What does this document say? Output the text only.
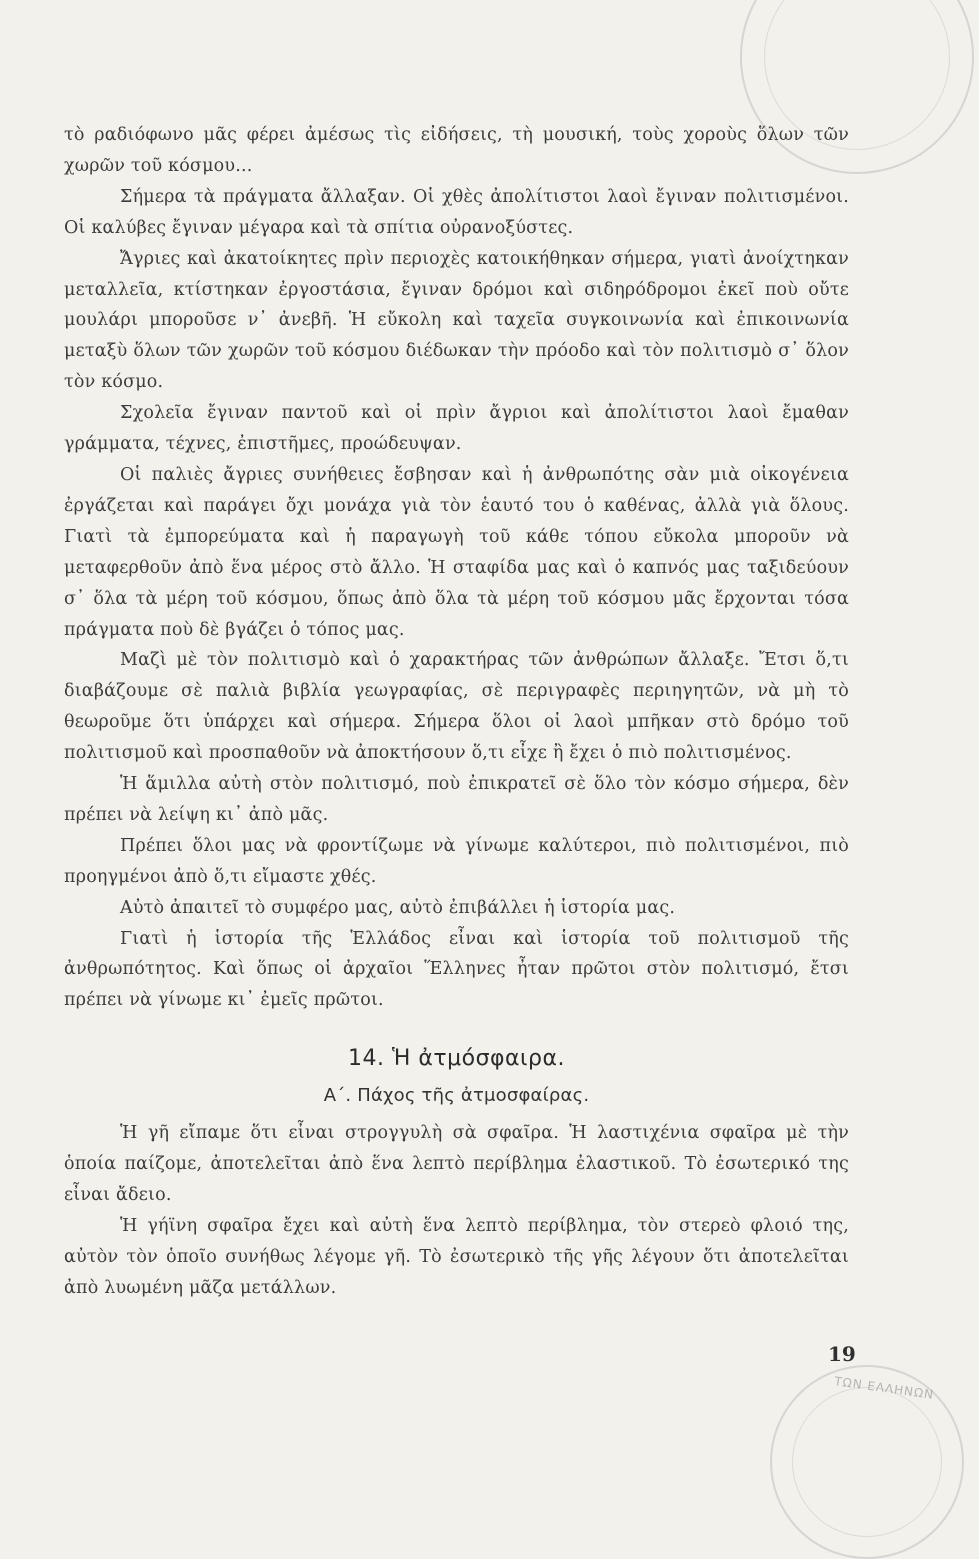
ΤΩΝ ΕΛΛΗΝΩΝ

τὸ ραδιόφωνο μᾶς φέρει ἀμέσως τὶς εἰδήσεις, τὴ μουσική, τοὺς χοροὺς ὅλων τῶν χωρῶν τοῦ κόσμου...

Σήμερα τὰ πράγματα ἄλλαξαν. Οἱ χθὲς ἀπολίτιστοι λαοὶ ἔγιναν πολιτισμένοι. Οἱ καλύβες ἔγιναν μέγαρα καὶ τὰ σπίτια οὐρανοξύστες.

Ἄγριες καὶ ἀκατοίκητες πρὶν περιοχὲς κατοικήθηκαν σήμερα, γιατὶ ἀνοίχτηκαν μεταλλεῖα, κτίστηκαν ἐργοστάσια, ἔγιναν δρόμοι καὶ σιδηρόδρομοι ἐκεῖ ποὺ οὔτε μουλάρι μποροῦσε ν᾽ ἀνεβῆ. Ἡ εὔκολη καὶ ταχεῖα συγκοινωνία καὶ ἐπικοινωνία μεταξὺ ὅλων τῶν χωρῶν τοῦ κόσμου διέδωκαν τὴν πρόοδο καὶ τὸν πολιτισμὸ σ᾽ ὅλον τὸν κόσμο.

Σχολεῖα ἔγιναν παντοῦ καὶ οἱ πρὶν ἄγριοι καὶ ἀπολίτιστοι λαοὶ ἔμαθαν γράμματα, τέχνες, ἐπιστῆμες, προώδευψαν.

Οἱ παλιὲς ἄγριες συνήθειες ἔσβησαν καὶ ἡ ἀνθρωπότης σὰν μιὰ οἰκογένεια ἐργάζεται καὶ παράγει ὄχι μονάχα γιὰ τὸν ἑαυτό του ὁ καθένας, ἀλλὰ γιὰ ὅλους. Γιατὶ τὰ ἐμπορεύματα καὶ ἡ παραγωγὴ τοῦ κάθε τόπου εὔκολα μποροῦν νὰ μεταφερθοῦν ἀπὸ ἕνα μέρος στὸ ἄλλο. Ἡ σταφίδα μας καὶ ὁ καπνός μας ταξιδεύουν σ᾽ ὅλα τὰ μέρη τοῦ κόσμου, ὅπως ἀπὸ ὅλα τὰ μέρη τοῦ κόσμου μᾶς ἔρχονται τόσα πράγματα ποὺ δὲ βγάζει ὁ τόπος μας.

Μαζὶ μὲ τὸν πολιτισμὸ καὶ ὁ χαρακτήρας τῶν ἀνθρώπων ἄλλαξε. Ἔτσι ὅ,τι διαβάζουμε σὲ παλιὰ βιβλία γεωγραφίας, σὲ περιγραφὲς περιηγητῶν, νὰ μὴ τὸ θεωροῦμε ὅτι ὑπάρχει καὶ σήμερα. Σήμερα ὅλοι οἱ λαοὶ μπῆκαν στὸ δρόμο τοῦ πολιτισμοῦ καὶ προσπαθοῦν νὰ ἀποκτήσουν ὅ,τι εἶχε ἢ ἔχει ὁ πιὸ πολιτισμένος.

Ἡ ἅμιλλα αὐτὴ στὸν πολιτισμό, ποὺ ἐπικρατεῖ σὲ ὅλο τὸν κόσμο σήμερα, δὲν πρέπει νὰ λείψη κι᾽ ἀπὸ μᾶς.

Πρέπει ὅλοι μας νὰ φροντίζωμε νὰ γίνωμε καλύτεροι, πιὸ πολιτισμένοι, πιὸ προηγμένοι ἀπὸ ὅ,τι εἴμαστε χθές.

Αὐτὸ ἀπαιτεῖ τὸ συμφέρο μας, αὐτὸ ἐπιβάλλει ἡ ἱστορία μας.

Γιατὶ ἡ ἱστορία τῆς Ἑλλάδος εἶναι καὶ ἱστορία τοῦ πολιτισμοῦ τῆς ἀνθρωπότητος. Καὶ ὅπως οἱ ἀρχαῖοι Ἕλληνες ἦταν πρῶτοι στὸν πολιτισμό, ἔτσι πρέπει νὰ γίνωμε κι᾽ ἐμεῖς πρῶτοι.

14. Ἡ ἀτμόσφαιρα.

Α΄. Πάχος τῆς ἀτμοσφαίρας.

Ἡ γῆ εἴπαμε ὅτι εἶναι στρογγυλὴ σὰ σφαῖρα. Ἡ λαστιχένια σφαῖρα μὲ τὴν ὁποία παίζομε, ἀποτελεῖται ἀπὸ ἕνα λεπτὸ περίβλημα ἐλαστικοῦ. Τὸ ἐσωτερικό της εἶναι ἄδειο.

Ἡ γήϊνη σφαῖρα ἔχει καὶ αὐτὴ ἕνα λεπτὸ περίβλημα, τὸν στερεὸ φλοιό της, αὐτὸν τὸν ὁποῖο συνήθως λέγομε γῆ. Τὸ ἐσωτερικὸ τῆς γῆς λέγουν ὅτι ἀποτελεῖται ἀπὸ λυωμένη μᾶζα μετάλλων.

19
